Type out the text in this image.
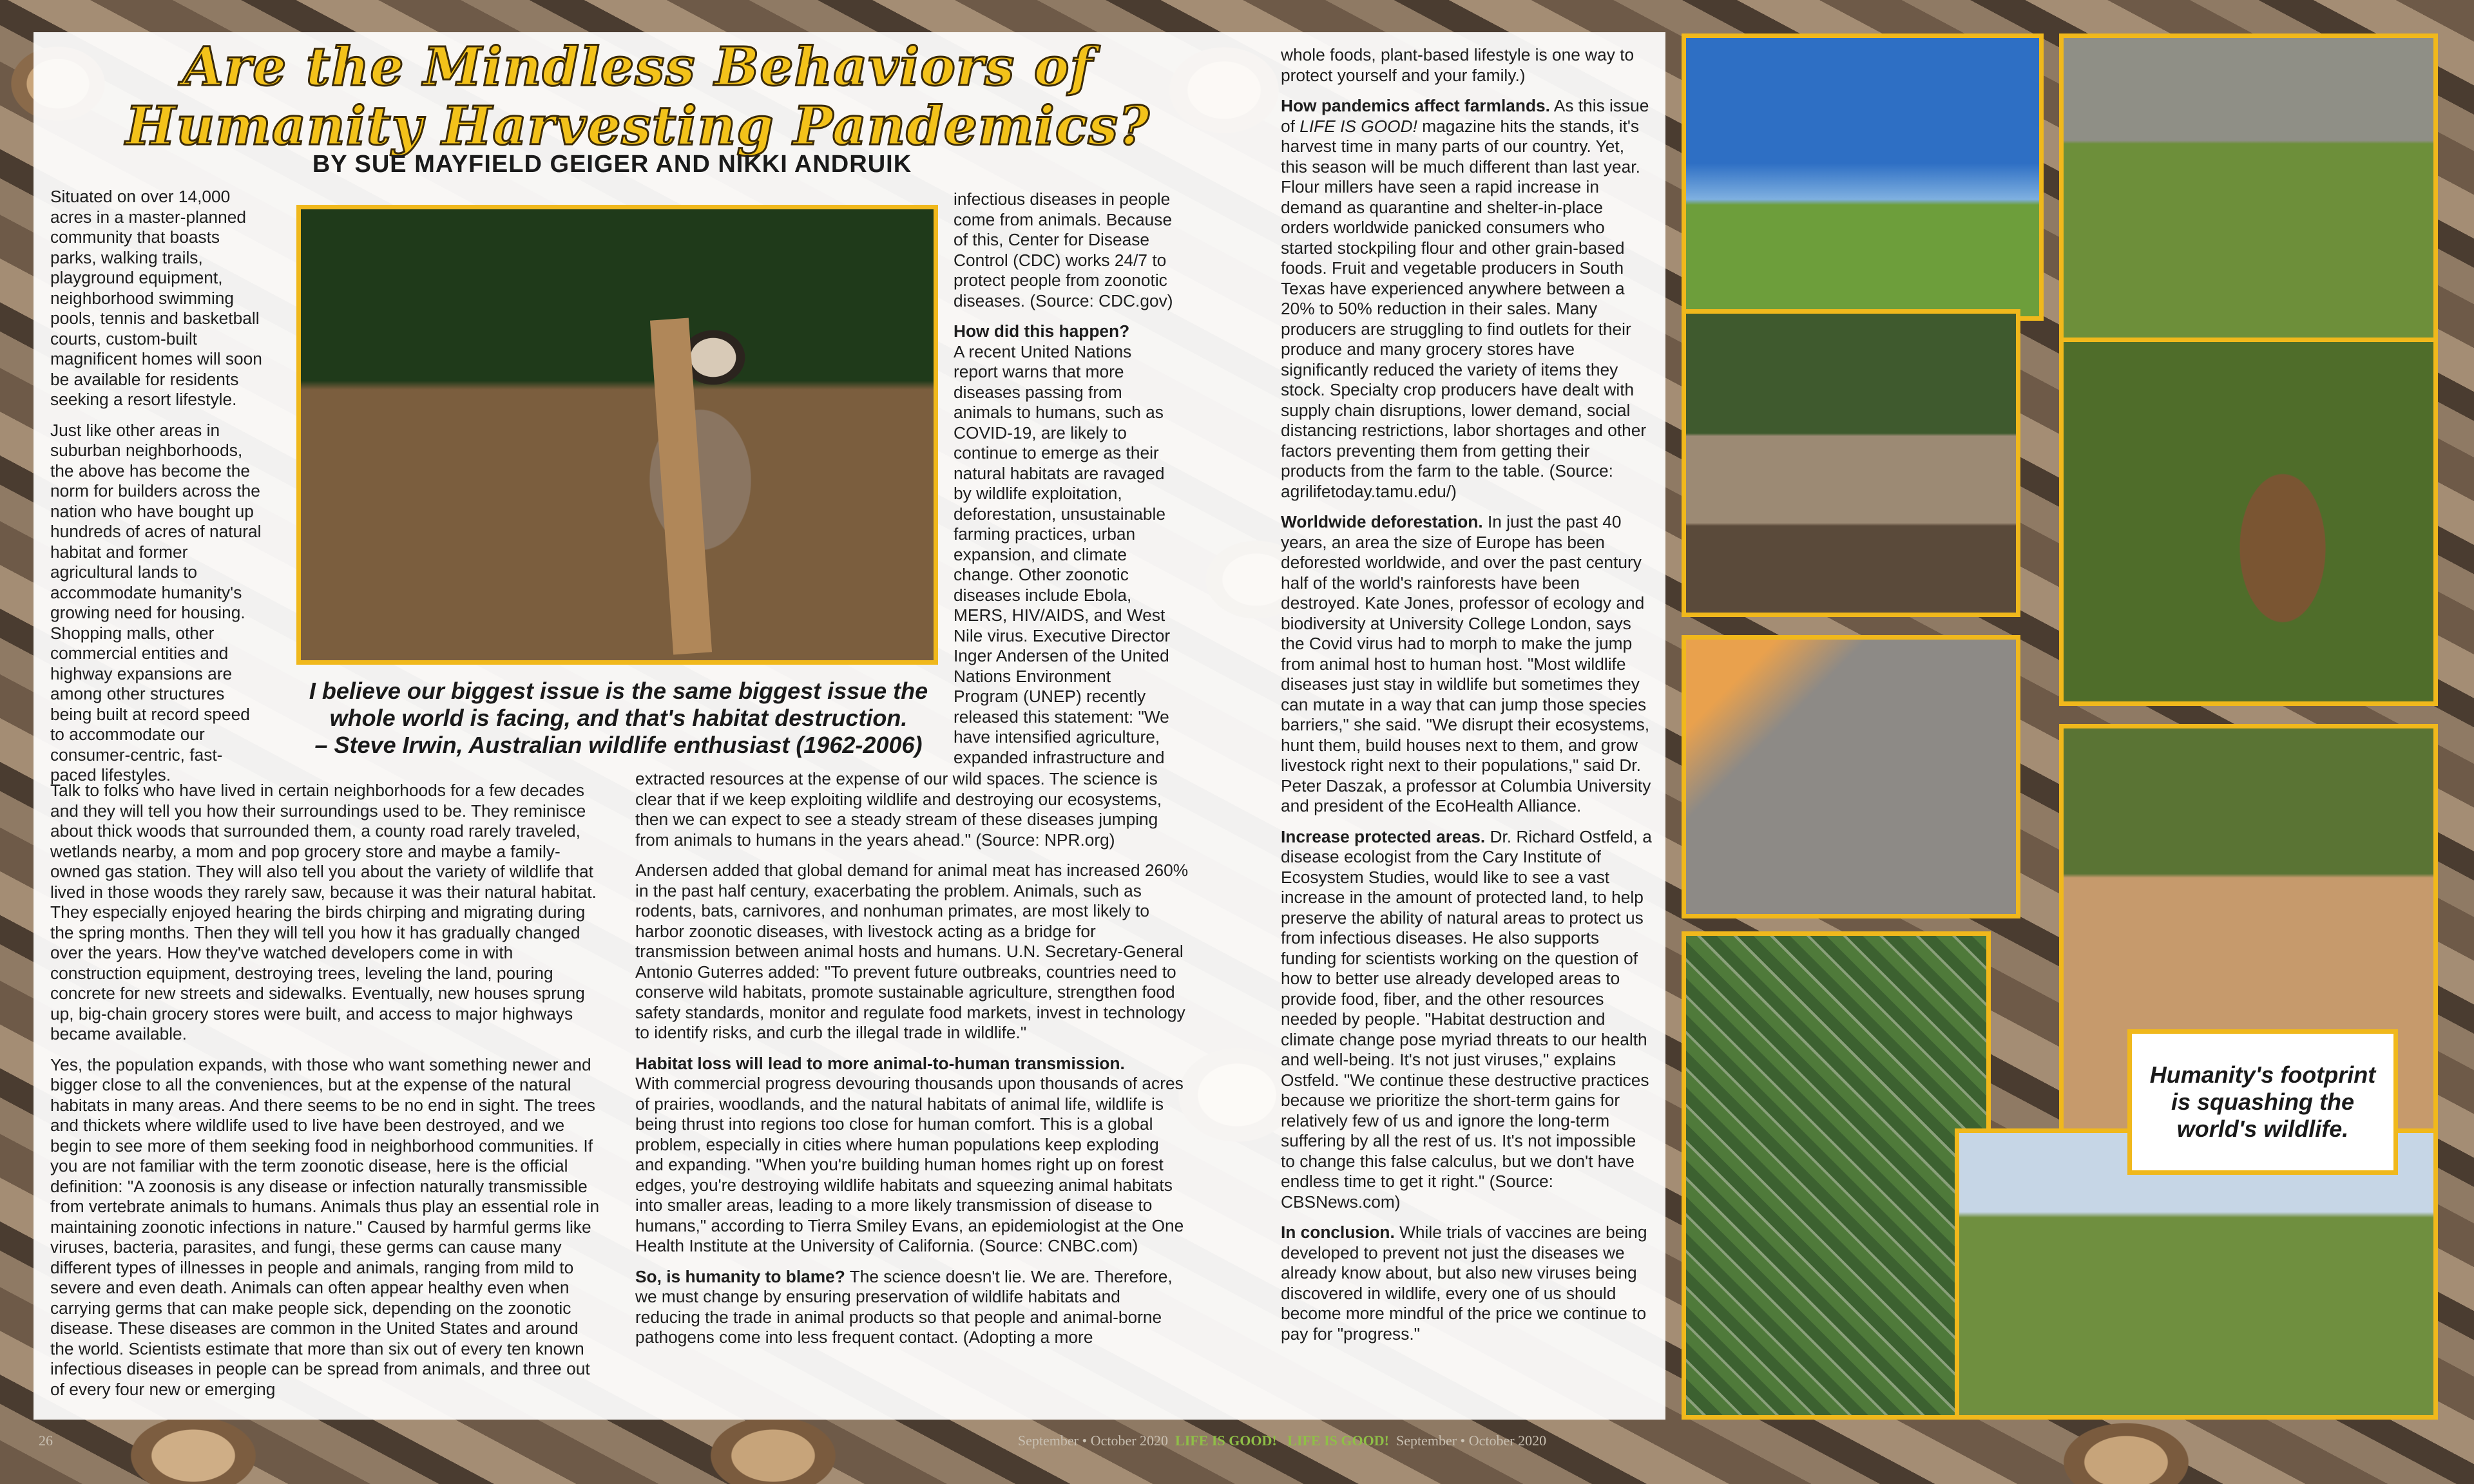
Are the Mindless Behaviors of Humanity Harvesting Pandemics?
BY SUE MAYFIELD GEIGER AND NIKKI ANDRUIK

Situated on over 14,000 acres in a master-planned community that boasts parks, walking trails, playground equipment, neighborhood swimming pools, tennis and basketball courts, custom-built magnificent homes will soon be available for residents seeking a resort lifestyle.

Just like other areas in suburban neighborhoods, the above has become the norm for builders across the nation who have bought up hundreds of acres of natural habitat and former agricultural lands to accommodate humanity's growing need for housing. Shopping malls, other commercial entities and highway expansions are among other structures being built at record speed to accommodate our consumer-centric, fast-paced lifestyles.

I believe our biggest issue is the same biggest issue the whole world is facing, and that's habitat destruction.
– Steve Irwin, Australian wildlife enthusiast (1962-2006)

infectious diseases in people come from animals. Because of this, Center for Disease Control (CDC) works 24/7 to protect people from zoonotic diseases. (Source: CDC.gov)

How did this happen?

A recent United Nations report warns that more diseases passing from animals to humans, such as COVID-19, are likely to continue to emerge as their natural habitats are ravaged by wildlife exploitation, deforestation, unsustainable farming practices, urban expansion, and climate change. Other zoonotic diseases include Ebola, MERS, HIV/AIDS, and West Nile virus. Executive Director Inger Andersen of the United Nations Environment Program (UNEP) recently released this statement: "We have intensified agriculture, expanded infrastructure and

Talk to folks who have lived in certain neighborhoods for a few decades and they will tell you how their surroundings used to be. They reminisce about thick woods that surrounded them, a county road rarely traveled, wetlands nearby, a mom and pop grocery store and maybe a family-owned gas station. They will also tell you about the variety of wildlife that lived in those woods they rarely saw, because it was their natural habitat. They especially enjoyed hearing the birds chirping and migrating during the spring months. Then they will tell you how it has gradually changed over the years. How they've watched developers come in with construction equipment, destroying trees, leveling the land, pouring concrete for new streets and sidewalks. Eventually, new houses sprung up, big-chain grocery stores were built, and access to major highways became available.

Yes, the population expands, with those who want something newer and bigger close to all the conveniences, but at the expense of the natural habitats in many areas. And there seems to be no end in sight. The trees and thickets where wildlife used to live have been destroyed, and we begin to see more of them seeking food in neighborhood communities. If you are not familiar with the term zoonotic disease, here is the official definition: "A zoonosis is any disease or infection naturally transmissible from vertebrate animals to humans. Animals thus play an essential role in maintaining zoonotic infections in nature." Caused by harmful germs like viruses, bacteria, parasites, and fungi, these germs can cause many different types of illnesses in people and animals, ranging from mild to severe and even death. Animals can often appear healthy even when carrying germs that can make people sick, depending on the zoonotic disease. These diseases are common in the United States and around the world. Scientists estimate that more than six out of every ten known infectious diseases in people can be spread from animals, and three out of every four new or emerging

extracted resources at the expense of our wild spaces. The science is clear that if we keep exploiting wildlife and destroying our ecosystems, then we can expect to see a steady stream of these diseases jumping from animals to humans in the years ahead." (Source: NPR.org)

Andersen added that global demand for animal meat has increased 260% in the past half century, exacerbating the problem. Animals, such as rodents, bats, carnivores, and nonhuman primates, are most likely to harbor zoonotic diseases, with livestock acting as a bridge for transmission between animal hosts and humans. U.N. Secretary-General Antonio Guterres added: "To prevent future outbreaks, countries need to conserve wild habitats, promote sustainable agriculture, strengthen food safety standards, monitor and regulate food markets, invest in technology to identify risks, and curb the illegal trade in wildlife."

Habitat loss will lead to more animal-to-human transmission.

With commercial progress devouring thousands upon thousands of acres of prairies, woodlands, and the natural habitats of animal life, wildlife is being thrust into regions too close for human comfort. This is a global problem, especially in cities where human populations keep exploding and expanding. "When you're building human homes right up on forest edges, you're destroying wildlife habitats and squeezing animal habitats into smaller areas, leading to a more likely transmission of disease to humans," according to Tierra Smiley Evans, an epidemiologist at the One Health Institute at the University of California. (Source: CNBC.com)

So, is humanity to blame? The science doesn't lie. We are. Therefore, we must change by ensuring preservation of wildlife habitats and reducing the trade in animal products so that people and animal-borne pathogens come into less frequent contact. (Adopting a more

whole foods, plant-based lifestyle is one way to protect yourself and your family.)

How pandemics affect farmlands. As this issue of LIFE IS GOOD! magazine hits the stands, it's harvest time in many parts of our country. Yet, this season will be much different than last year. Flour millers have seen a rapid increase in demand as quarantine and shelter-in-place orders worldwide panicked consumers who started stockpiling flour and other grain-based foods. Fruit and vegetable producers in South Texas have experienced anywhere between a 20% to 50% reduction in their sales. Many producers are struggling to find outlets for their produce and many grocery stores have significantly reduced the variety of items they stock. Specialty crop producers have dealt with supply chain disruptions, lower demand, social distancing restrictions, labor shortages and other factors preventing them from getting their products from the farm to the table. (Source: agrilifetoday.tamu.edu/)

Worldwide deforestation. In just the past 40 years, an area the size of Europe has been deforested worldwide, and over the past century half of the world's rainforests have been destroyed. Kate Jones, professor of ecology and biodiversity at University College London, says the Covid virus had to morph to make the jump from animal host to human host. "Most wildlife diseases just stay in wildlife but sometimes they can mutate in a way that can jump those species barriers," she said. "We disrupt their ecosystems, hunt them, build houses next to them, and grow livestock right next to their populations," said Dr. Peter Daszak, a professor at Columbia University and president of the EcoHealth Alliance.

Increase protected areas. Dr. Richard Ostfeld, a disease ecologist from the Cary Institute of Ecosystem Studies, would like to see a vast increase in the amount of protected land, to help preserve the ability of natural areas to protect us from infectious diseases. He also supports funding for scientists working on the question of how to better use already developed areas to provide food, fiber, and the other resources needed by people. "Habitat destruction and climate change pose myriad threats to our health and well-being. It's not just viruses," explains Ostfeld. "We continue these destructive practices because we prioritize the short-term gains for relatively few of us and ignore the long-term suffering by all the rest of us. It's not impossible to change this false calculus, but we don't have endless time to get it right." (Source: CBSNews.com)

In conclusion. While trials of vaccines are being developed to prevent not just the diseases we already know about, but also new viruses being discovered in wildlife, every one of us should become more mindful of the price we continue to pay for "progress."

Humanity's footprint is squashing the world's wildlife.
26	September • October 2020 LIFE IS GOOD! LIFE IS GOOD! September • October 2020
